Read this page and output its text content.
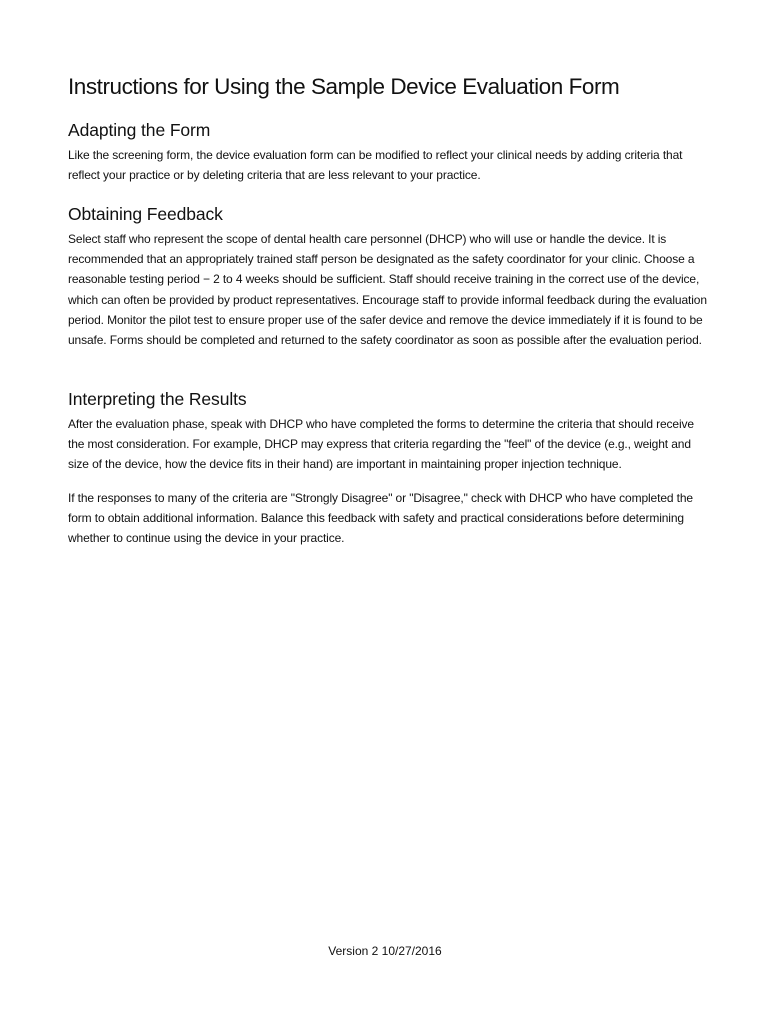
Instructions for Using the Sample Device Evaluation Form
Adapting the Form

Like the screening form, the device evaluation form can be modified to reflect your clinical needs by adding criteria that reflect your practice or by deleting criteria that are less relevant to your practice.

Obtaining Feedback

Select staff who represent the scope of dental health care personnel (DHCP) who will use or handle the device. It is recommended that an appropriately trained staff person be designated as the safety coordinator for your clinic. Choose a reasonable testing period − 2 to 4 weeks should be sufficient. Staff should receive training in the correct use of the device, which can often be provided by product representatives. Encourage staff to provide informal feedback during the evaluation period. Monitor the pilot test to ensure proper use of the safer device and remove the device immediately if it is found to be unsafe. Forms should be completed and returned to the safety coordinator as soon as possible after the evaluation period.

Interpreting the Results

After the evaluation phase, speak with DHCP who have completed the forms to determine the criteria that should receive the most consideration. For example, DHCP may express that criteria regarding the "feel" of the device (e.g., weight and size of the device, how the device fits in their hand) are important in maintaining proper injection technique.

If the responses to many of the criteria are "Strongly Disagree" or "Disagree," check with DHCP who have completed the form to obtain additional information. Balance this feedback with safety and practical considerations before determining whether to continue using the device in your practice.

Version 2 10/27/2016
